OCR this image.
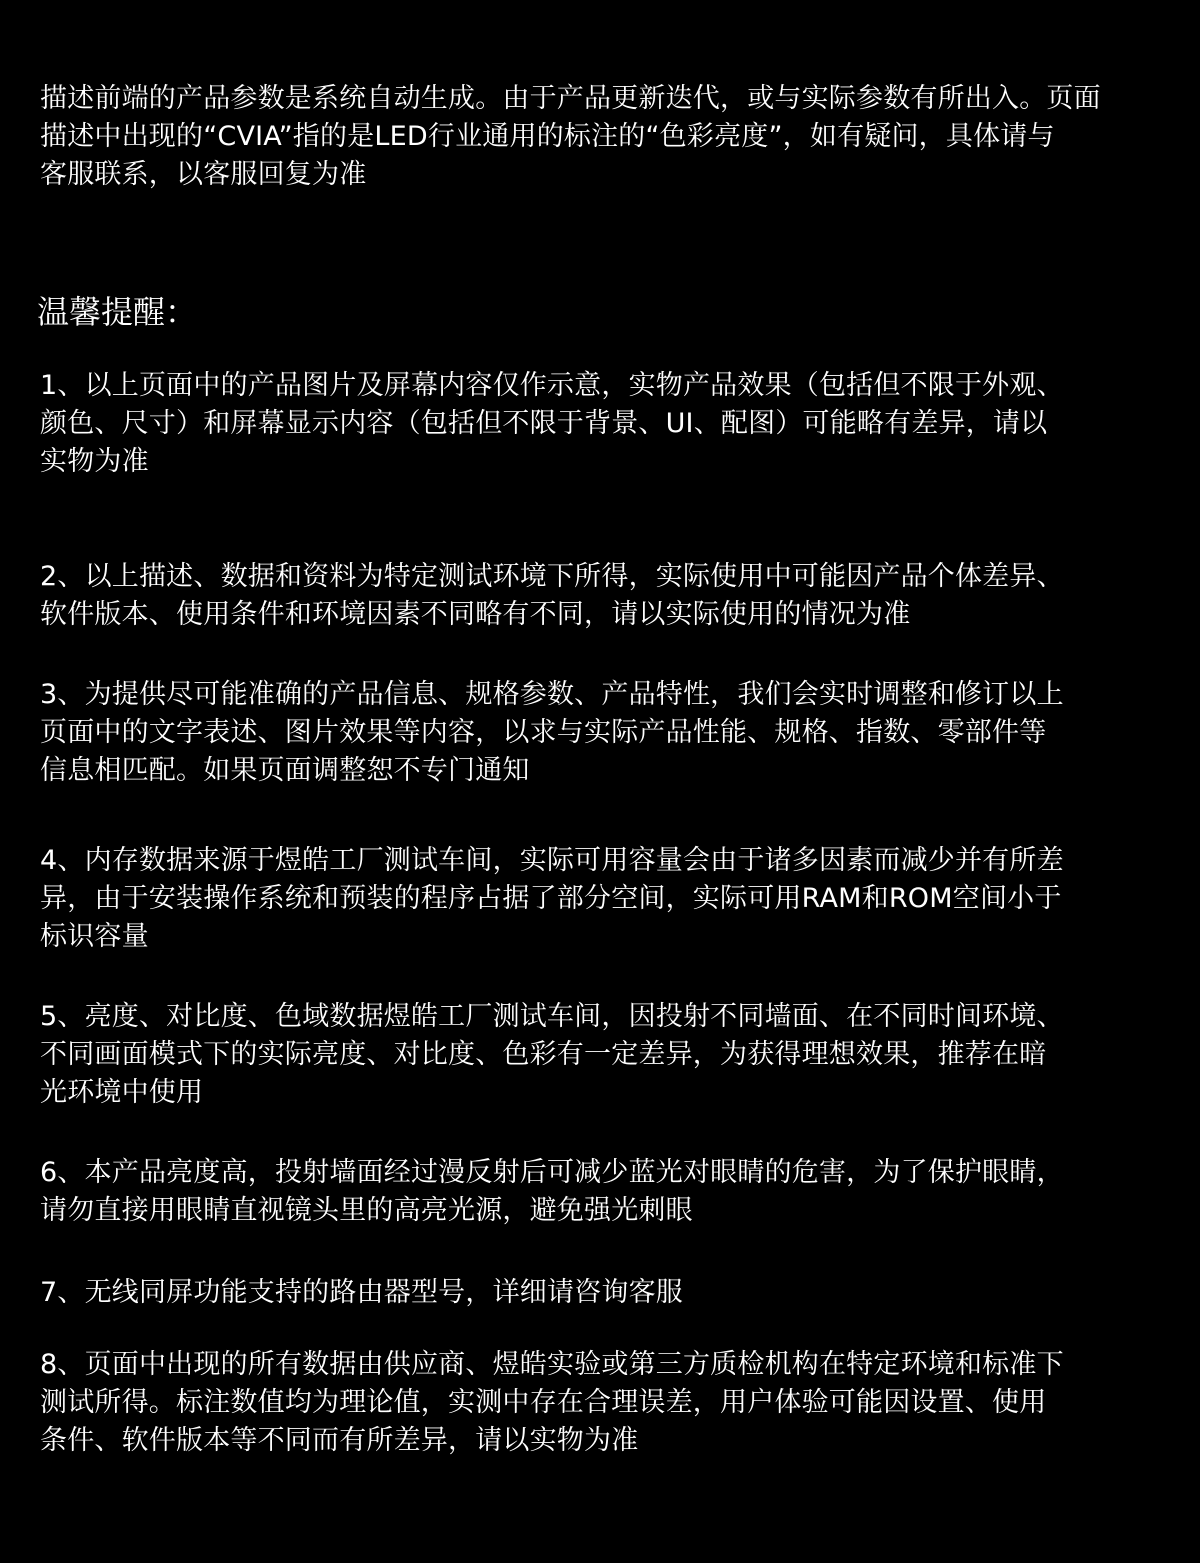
描述前端的产品参数是系统自动生成。由于产品更新迭代，或与实际参数有所出入。页面
描述中出现的“CVIA”指的是LED行业通用的标注的“色彩亮度”，如有疑问，具体请与
客服联系，以客服回复为准

温馨提醒：

1、以上页面中的产品图片及屏幕内容仅作示意，实物产品效果（包括但不限于外观、
颜色、尺寸）和屏幕显示内容（包括但不限于背景、UI、配图）可能略有差异，请以
实物为准

2、以上描述、数据和资料为特定测试环境下所得，实际使用中可能因产品个体差异、
软件版本、使用条件和环境因素不同略有不同，请以实际使用的情况为准

3、为提供尽可能准确的产品信息、规格参数、产品特性，我们会实时调整和修订以上
页面中的文字表述、图片效果等内容，以求与实际产品性能、规格、指数、零部件等
信息相匹配。如果页面调整恕不专门通知

4、内存数据来源于煜皓工厂测试车间，实际可用容量会由于诸多因素而减少并有所差
异，由于安装操作系统和预装的程序占据了部分空间，实际可用RAM和ROM空间小于
标识容量

5、亮度、对比度、色域数据煜皓工厂测试车间，因投射不同墙面、在不同时间环境、
不同画面模式下的实际亮度、对比度、色彩有一定差异，为获得理想效果，推荐在暗
光环境中使用

6、本产品亮度高，投射墙面经过漫反射后可减少蓝光对眼睛的危害，为了保护眼睛，
请勿直接用眼睛直视镜头里的高亮光源，避免强光刺眼

7、无线同屏功能支持的路由器型号，详细请咨询客服

8、页面中出现的所有数据由供应商、煜皓实验或第三方质检机构在特定环境和标准下
测试所得。标注数值均为理论值，实测中存在合理误差，用户体验可能因设置、使用
条件、软件版本等不同而有所差异，请以实物为准
